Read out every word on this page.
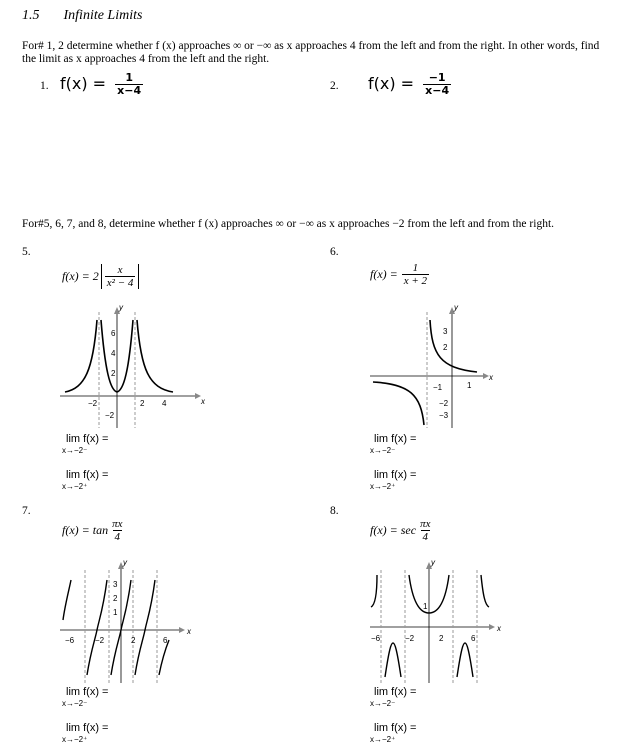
1.5 Infinite Limits
For# 1, 2 determine whether f (x) approaches ∞ or −∞ as x approaches 4 from the left and from the right. In other words, find the limit as x approaches 4 from the left and the right.
1. $f(x) = \frac{1}{x-4}$	2. $f(x) = \frac{-1}{x-4}$
For#5, 6, 7, and 8, determine whether f (x) approaches ∞ or −∞ as x approaches −2 from the left and from the right.
5.
$f(x) = 2 \frac{x}{\text{x² − 4}}$
y
x
6
4
2
−2
−2	2 4
lim f(x) =
x→−2⁻
lim f(x) =
x→−2⁺
6.
$f(x) = \frac{1}{x + 2}$
y
x
3
2
−1
−2
−3
1
lim f(x) =
x→−2⁻
lim f(x) =
x→−2⁺
7.
$f(x) = \tan \frac{\pi x}{4}$
y
x
3
2
1
−6	−2	2	6
lim f(x) =
x→−2⁻
lim f(x) =
x→−2⁺
8.
$f(x) = \sec \frac{\pi x}{4}$
y
x
1
−6	−2	2	6
lim f(x) =
x→−2⁻
lim f(x) =
x→−2⁺
